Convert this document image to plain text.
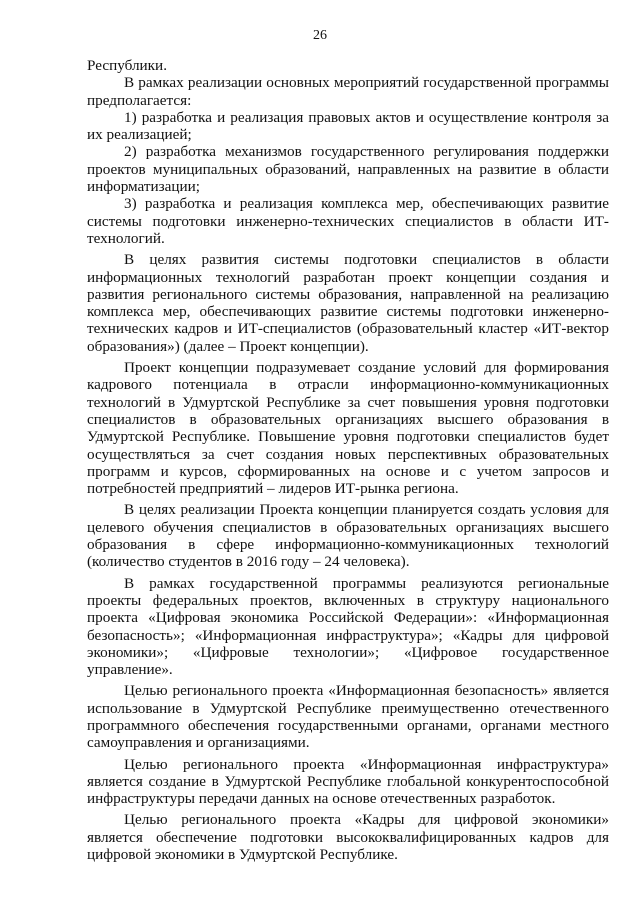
26

Республики.

В рамках реализации основных мероприятий государственной программы предполагается:

1) разработка и реализация правовых актов и осуществление контроля за их реализацией;

2) разработка механизмов государственного регулирования поддержки проектов муниципальных образований, направленных на развитие в области информатизации;

3) разработка и реализация комплекса мер, обеспечивающих развитие системы подготовки инженерно-технических специалистов в области ИТ-технологий.

В целях развития системы подготовки специалистов в области информационных технологий разработан проект концепции создания и развития регионального системы образования, направленной на реализацию комплекса мер, обеспечивающих развитие системы подготовки инженерно-технических кадров и ИТ-специалистов (образовательный кластер «ИТ-вектор образования») (далее – Проект концепции).

Проект концепции подразумевает создание условий для формирования кадрового потенциала в отрасли информационно-коммуникационных технологий в Удмуртской Республике за счет повышения уровня подготовки специалистов в образовательных организациях высшего образования в Удмуртской Республике. Повышение уровня подготовки специалистов будет осуществляться за счет создания новых перспективных образовательных программ и курсов, сформированных на основе и с учетом запросов и потребностей предприятий – лидеров ИТ-рынка региона.

В целях реализации Проекта концепции планируется создать условия для целевого обучения специалистов в образовательных организациях высшего образования в сфере информационно-коммуникационных технологий (количество студентов в 2016 году – 24 человека).

В рамках государственной программы реализуются региональные проекты федеральных проектов, включенных в структуру национального проекта «Цифровая экономика Российской Федерации»: «Информационная безопасность»; «Информационная инфраструктура»; «Кадры для цифровой экономики»; «Цифровые технологии»; «Цифровое государственное управление».

Целью регионального проекта «Информационная безопасность» является использование в Удмуртской Республике преимущественно отечественного программного обеспечения государственными органами, органами местного самоуправления и организациями.

Целью регионального проекта «Информационная инфраструктура» является создание в Удмуртской Республике глобальной конкурентоспособной инфраструктуры передачи данных на основе отечественных разработок.

Целью регионального проекта «Кадры для цифровой экономики» является обеспечение подготовки высококвалифицированных кадров для цифровой экономики в Удмуртской Республике.
